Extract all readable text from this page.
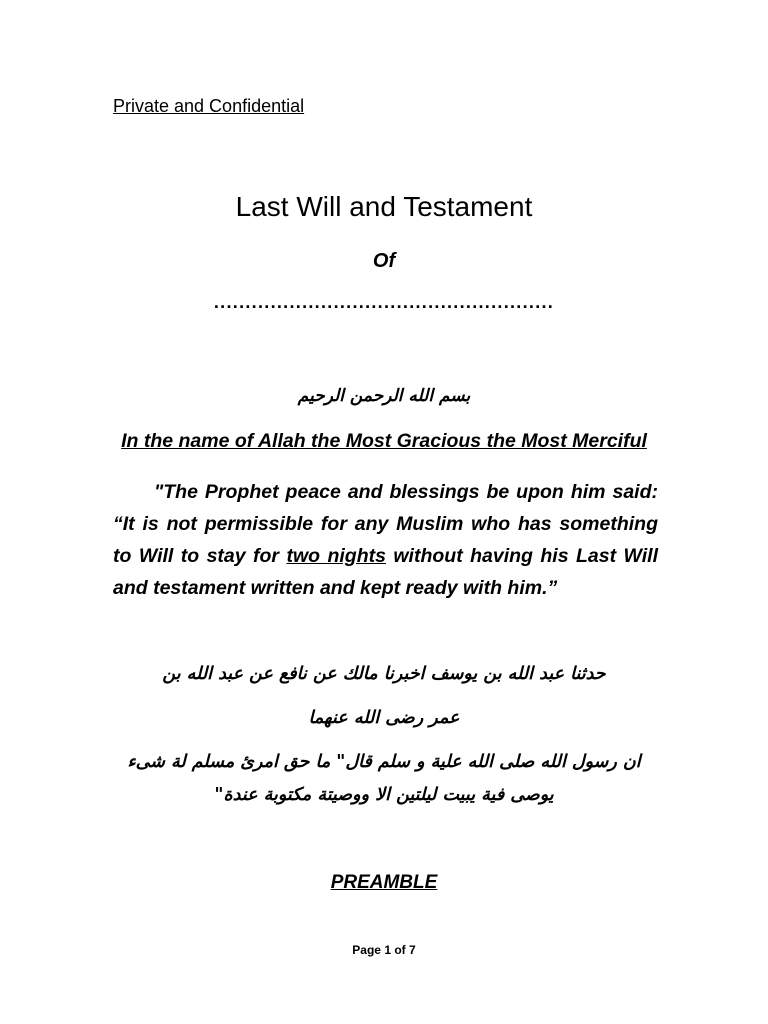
Private and Confidential
Last Will and Testament
Of
......................................................
بسم الله الرحمن الرحيم
In the name of Allah the Most Gracious the Most Merciful
"The Prophet peace and blessings be upon him said:
“It is not permissible for any Muslim who has something
to Will to stay for two nights without having his Last Will
and testament written and kept ready with him.”
حدثنا عبد الله بن يوسف اخبرنا مالك عن نافع عن عبد الله بن
عمر رضى الله عنهما
ان رسول الله صلى الله علية و سلم قال" ما حق امرئ مسلم لة شىء
يوصى فية يبيت ليلتين الا ووصيتة مكتوبة عندة"
PREAMBLE
Page 1 of 7
